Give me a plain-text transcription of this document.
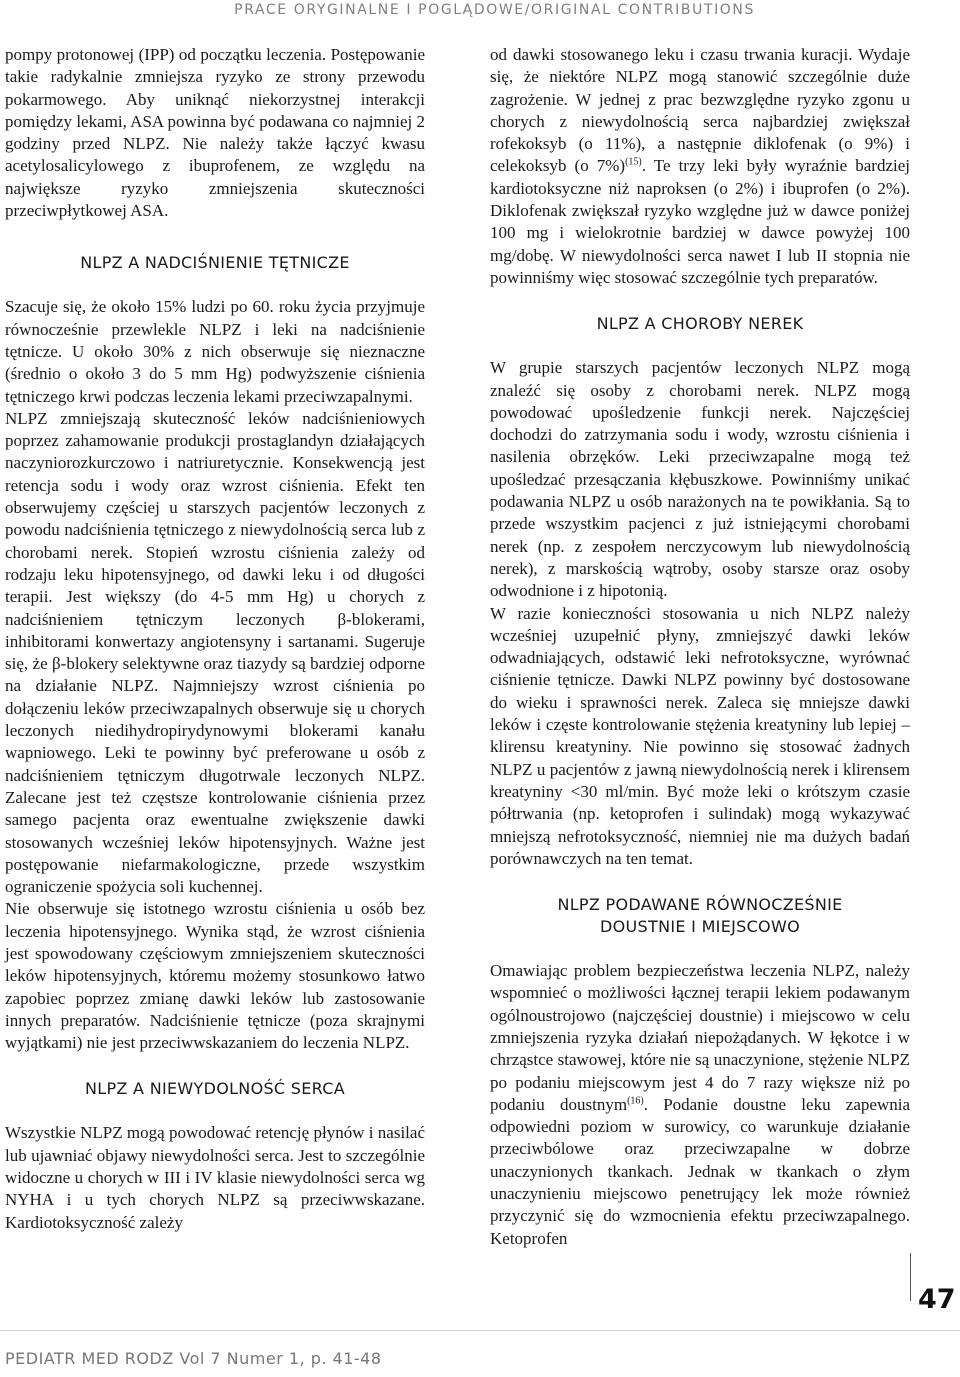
PRACE ORYGINALNE I POGLĄDOWE/ORIGINAL CONTRIBUTIONS

pompy protonowej (IPP) od początku leczenia. Postępowanie takie radykalnie zmniejsza ryzyko ze strony przewodu pokarmowego. Aby uniknąć niekorzystnej interakcji pomiędzy lekami, ASA powinna być podawana co najmniej 2 godziny przed NLPZ. Nie należy także łączyć kwasu acetylosalicylowego z ibuprofenem, ze względu na największe ryzyko zmniejszenia skuteczności przeciwpłytkowej ASA.

NLPZ A NADCIŚNIENIE TĘTNICZE

Szacuje się, że około 15% ludzi po 60. roku życia przyjmuje równocześnie przewlekle NLPZ i leki na nadciśnienie tętnicze. U około 30% z nich obserwuje się nieznaczne (średnio o około 3 do 5 mm Hg) podwyższenie ciśnienia tętniczego krwi podczas leczenia lekami przeciwzapalnymi.

NLPZ zmniejszają skuteczność leków nadciśnieniowych poprzez zahamowanie produkcji prostaglandyn działających naczyniorozkurczowo i natriuretycznie. Konsekwencją jest retencja sodu i wody oraz wzrost ciśnienia. Efekt ten obserwujemy częściej u starszych pacjentów leczonych z powodu nadciśnienia tętniczego z niewydolnością serca lub z chorobami nerek. Stopień wzrostu ciśnienia zależy od rodzaju leku hipotensyjnego, od dawki leku i od długości terapii. Jest większy (do 4-5 mm Hg) u chorych z nadciśnieniem tętniczym leczonych β-blokerami, inhibitorami konwertazy angiotensyny i sartanami. Sugeruje się, że β-blokery selektywne oraz tiazydy są bardziej odporne na działanie NLPZ. Najmniejszy wzrost ciśnienia po dołączeniu leków przeciwzapalnych obserwuje się u chorych leczonych niedihydropirydynowymi blokerami kanału wapniowego. Leki te powinny być preferowane u osób z nadciśnieniem tętniczym długotrwale leczonych NLPZ. Zalecane jest też częstsze kontrolowanie ciśnienia przez samego pacjenta oraz ewentualne zwiększenie dawki stosowanych wcześniej leków hipotensyjnych. Ważne jest postępowanie niefarmakologiczne, przede wszystkim ograniczenie spożycia soli kuchennej.

Nie obserwuje się istotnego wzrostu ciśnienia u osób bez leczenia hipotensyjnego. Wynika stąd, że wzrost ciśnienia jest spowodowany częściowym zmniejszeniem skuteczności leków hipotensyjnych, któremu możemy stosunkowo łatwo zapobiec poprzez zmianę dawki leków lub zastosowanie innych preparatów. Nadciśnienie tętnicze (poza skrajnymi wyjątkami) nie jest przeciwwskazaniem do leczenia NLPZ.

NLPZ A NIEWYDOLNOŚĆ SERCA

Wszystkie NLPZ mogą powodować retencję płynów i nasilać lub ujawniać objawy niewydolności serca. Jest to szczególnie widoczne u chorych w III i IV klasie niewydolności serca wg NYHA i u tych chorych NLPZ są przeciwwskazane. Kardiotoksyczność zależy

od dawki stosowanego leku i czasu trwania kuracji. Wydaje się, że niektóre NLPZ mogą stanowić szczególnie duże zagrożenie. W jednej z prac bezwzględne ryzyko zgonu u chorych z niewydolnością serca najbardziej zwiększał rofekoksyb (o 11%), a następnie diklofenak (o 9%) i celekoksyb (o 7%)$^{(15)}$. Te trzy leki były wyraźnie bardziej kardiotoksyczne niż naproksen (o 2%) i ibuprofen (o 2%). Diklofenak zwiększał ryzyko względne już w dawce poniżej 100 mg i wielokrotnie bardziej w dawce powyżej 100 mg/dobę. W niewydolności serca nawet I lub II stopnia nie powinniśmy więc stosować szczególnie tych preparatów.

NLPZ A CHOROBY NEREK

W grupie starszych pacjentów leczonych NLPZ mogą znaleźć się osoby z chorobami nerek. NLPZ mogą powodować upośledzenie funkcji nerek. Najczęściej dochodzi do zatrzymania sodu i wody, wzrostu ciśnienia i nasilenia obrzęków. Leki przeciwzapalne mogą też upośledzać przesączania kłębuszkowe. Powinniśmy unikać podawania NLPZ u osób narażonych na te powikłania. Są to przede wszystkim pacjenci z już istniejącymi chorobami nerek (np. z zespołem nerczycowym lub niewydolnością nerek), z marskością wątroby, osoby starsze oraz osoby odwodnione i z hipotonią.

W razie konieczności stosowania u nich NLPZ należy wcześniej uzupełnić płyny, zmniejszyć dawki leków odwadniających, odstawić leki nefrotoksyczne, wyrównać ciśnienie tętnicze. Dawki NLPZ powinny być dostosowane do wieku i sprawności nerek. Zaleca się mniejsze dawki leków i częste kontrolowanie stężenia kreatyniny lub lepiej – klirensu kreatyniny. Nie powinno się stosować żadnych NLPZ u pacjentów z jawną niewydolnością nerek i klirensem kreatyniny <30 ml/min. Być może leki o krótszym czasie półtrwania (np. ketoprofen i sulindak) mogą wykazywać mniejszą nefrotoksyczność, niemniej nie ma dużych badań porównawczych na ten temat.

NLPZ PODAWANE RÓWNOCZEŚNIE
DOUSTNIE I MIEJSCOWO

Omawiając problem bezpieczeństwa leczenia NLPZ, należy wspomnieć o możliwości łącznej terapii lekiem podawanym ogólnoustrojowo (najczęściej doustnie) i miejscowo w celu zmniejszenia ryzyka działań niepożądanych. W łękotce i w chrząstce stawowej, które nie są unaczynione, stężenie NLPZ po podaniu miejscowym jest 4 do 7 razy większe niż po podaniu doustnym$^{(16)}$. Podanie doustne leku zapewnia odpowiedni poziom w surowicy, co warunkuje działanie przeciwbólowe oraz przeciwzapalne w dobrze unaczynionych tkankach. Jednak w tkankach o złym unaczynieniu miejscowo penetrujący lek może również przyczynić się do wzmocnienia efektu przeciwzapalnego. Ketoprofen

47
PEDIATR MED RODZ Vol 7 Numer 1, p. 41-48
